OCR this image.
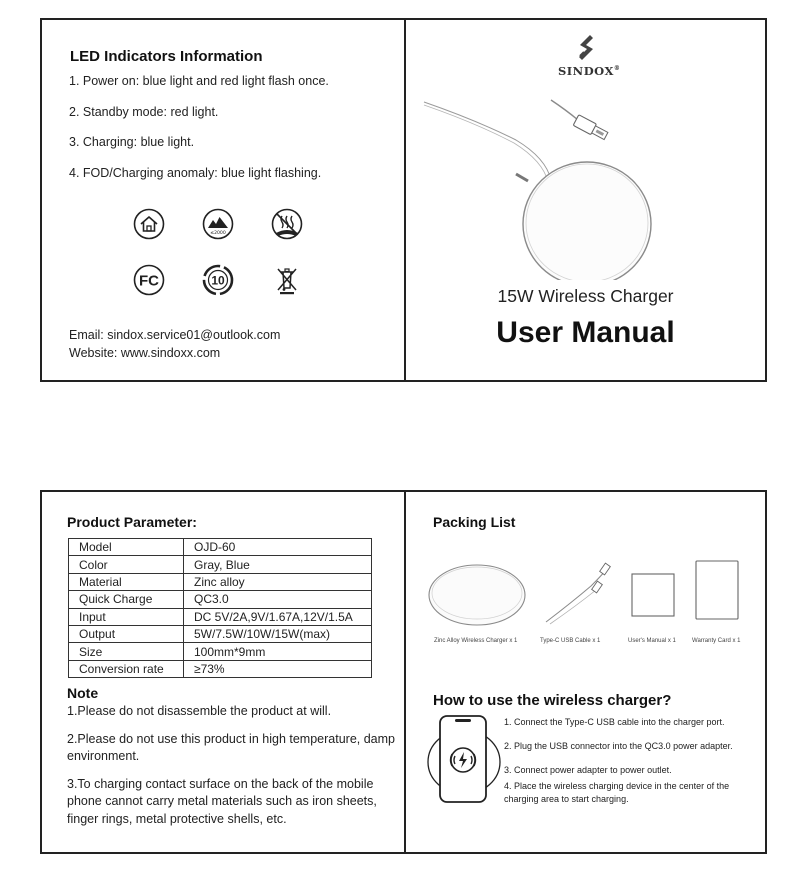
LED Indicators Information
1. Power on: blue light and red light flash once.
2. Standby mode: red light.
3. Charging: blue light.
4. FOD/Charging anomaly: blue light flashing.
≤2000
FC	10
Email: sindox.service01@outlook.com
Website: www.sindoxx.com
SINDOX®
15W Wireless Charger
User Manual
Product Parameter:
Model	OJD-60
Color	Gray, Blue
Material	Zinc alloy
Quick Charge	QC3.0
Input	DC 5V/2A,9V/1.67A,12V/1.5A
Output	5W/7.5W/10W/15W(max)
Size	100mm*9mm
Conversion rate	≥73%
Note

1.Please do not disassemble the product at will.

2.Please do not use this product in high temperature, damp environment.

3.To charging contact surface on the back of the mobile phone cannot carry metal materials such as iron sheets, finger rings, metal protective shells, etc.

Packing List
Zinc Alloy Wireless Charger x 1	Type-C USB Cable x 1	User's Manual x 1	Warranty Card x 1
How to use the wireless charger?
1. Connect the Type-C USB cable into the charger port.
2. Plug the USB connector into the QC3.0 power adapter.
3. Connect power adapter to power outlet.
4. Place the wireless charging device in the center of the charging area to start charging.
